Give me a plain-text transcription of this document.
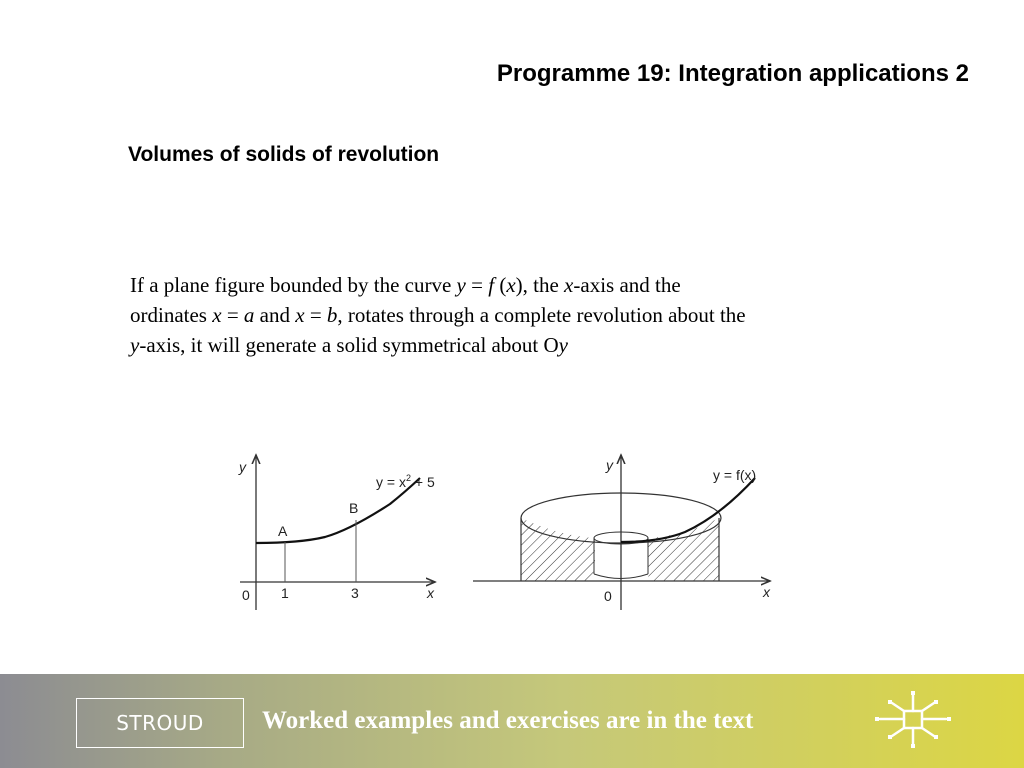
Programme 19: Integration applications 2
Volumes of solids of revolution
If a plane figure bounded by the curve y = f (x), the x-axis and the
ordinates x = a and x = b, rotates through a complete revolution about the
y-axis, it will generate a solid symmetrical about Oy
y
x
0 1	3
A
B
$y = x^2 + 5$
y
x
0
y = f(x)
STROUD	Worked examples and exercises are in the text
